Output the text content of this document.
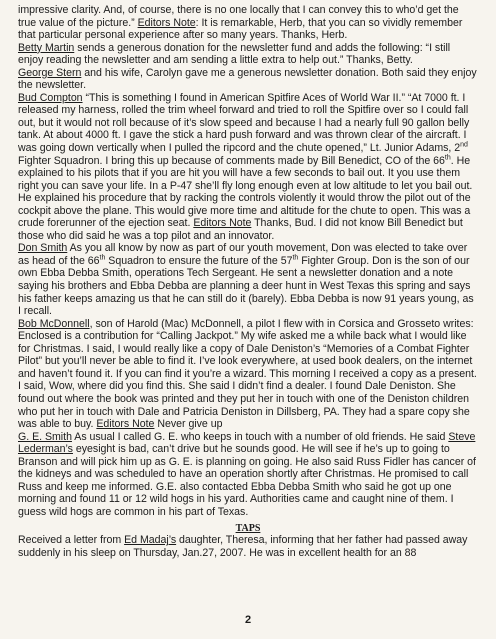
impressive clarity. And, of course, there is no one locally that I can convey this to who’d get the true value of the picture.” Editors Note: It is remarkable, Herb, that you can so vividly remember that particular personal experience after so many years. Thanks, Herb.

Betty Martin sends a generous donation for the newsletter fund and adds the following: “I still enjoy reading the newsletter and am sending a little extra to help out.” Thanks, Betty.

George Stern and his wife, Carolyn gave me a generous newsletter donation. Both said they enjoy the newsletter.

Bud Compton “This is something I found in American Spitfire Aces of World War II.” “At 7000 ft. I released my harness, rolled the trim wheel forward and tried to roll the Spitfire over so I could fall out, but it would not roll because of it’s slow speed and because I had a nearly full 90 gallon belly tank. At about 4000 ft. I gave the stick a hard push forward and was thrown clear of the aircraft. I was going down vertically when I pulled the ripcord and the chute opened,” Lt. Junior Adams, 2nd Fighter Squadron. I bring this up because of comments made by Bill Benedict, CO of the 66th. He explained to his pilots that if you are hit you will have a few seconds to bail out. It you use them right you can save your life. In a P-47 she’ll fly long enough even at low altitude to let you bail out. He explained his procedure that by racking the controls violently it would throw the pilot out of the cockpit above the plane. This would give more time and altitude for the chute to open. This was a crude forerunner of the ejection seat. Editors Note Thanks, Bud. I did not know Bill Benedict but those who did said he was a top pilot and an innovator.

Don Smith As you all know by now as part of our youth movement, Don was elected to take over as head of the 66th Squadron to ensure the future of the 57th Fighter Group. Don is the son of our own Ebba Debba Smith, operations Tech Sergeant. He sent a newsletter donation and a note saying his brothers and Ebba Debba are planning a deer hunt in West Texas this spring and says his father keeps amazing us that he can still do it (barely). Ebba Debba is now 91 years young, as I recall.

Bob McDonnell, son of Harold (Mac) McDonnell, a pilot I flew with in Corsica and Grosseto writes: Enclosed is a contribution for “Calling Jackpot.” My wife asked me a while back what I would like for Christmas. I said, I would really like a copy of Dale Deniston’s “Memories of a Combat Fighter Pilot” but you’ll never be able to find it. I’ve look everywhere, at used book dealers, on the internet and haven’t found it. If you can find it you’re a wizard. This morning I received a copy as a present. I said, Wow, where did you find this. She said I didn’t find a dealer. I found Dale Deniston. She found out where the book was printed and they put her in touch with one of the Deniston children who put her in touch with Dale and Patricia Deniston in Dillsberg, PA. They had a spare copy she was able to buy. Editors Note Never give up

G. E. Smith As usual I called G. E. who keeps in touch with a number of old friends. He said Steve Lederman’s eyesight is bad, can’t drive but he sounds good. He will see if he’s up to going to Branson and will pick him up as G. E. is planning on going. He also said Russ Fidler has cancer of the kidneys and was scheduled to have an operation shortly after Christmas. He promised to call Russ and keep me informed. G.E. also contacted Ebba Debba Smith who said he got up one morning and found 11 or 12 wild hogs in his yard. Authorities came and caught nine of them. I guess wild hogs are common in his part of Texas.

TAPS

Received a letter from Ed Madaj’s daughter, Theresa, informing that her father had passed away suddenly in his sleep on Thursday, Jan.27, 2007. He was in excellent health for an 88

2
